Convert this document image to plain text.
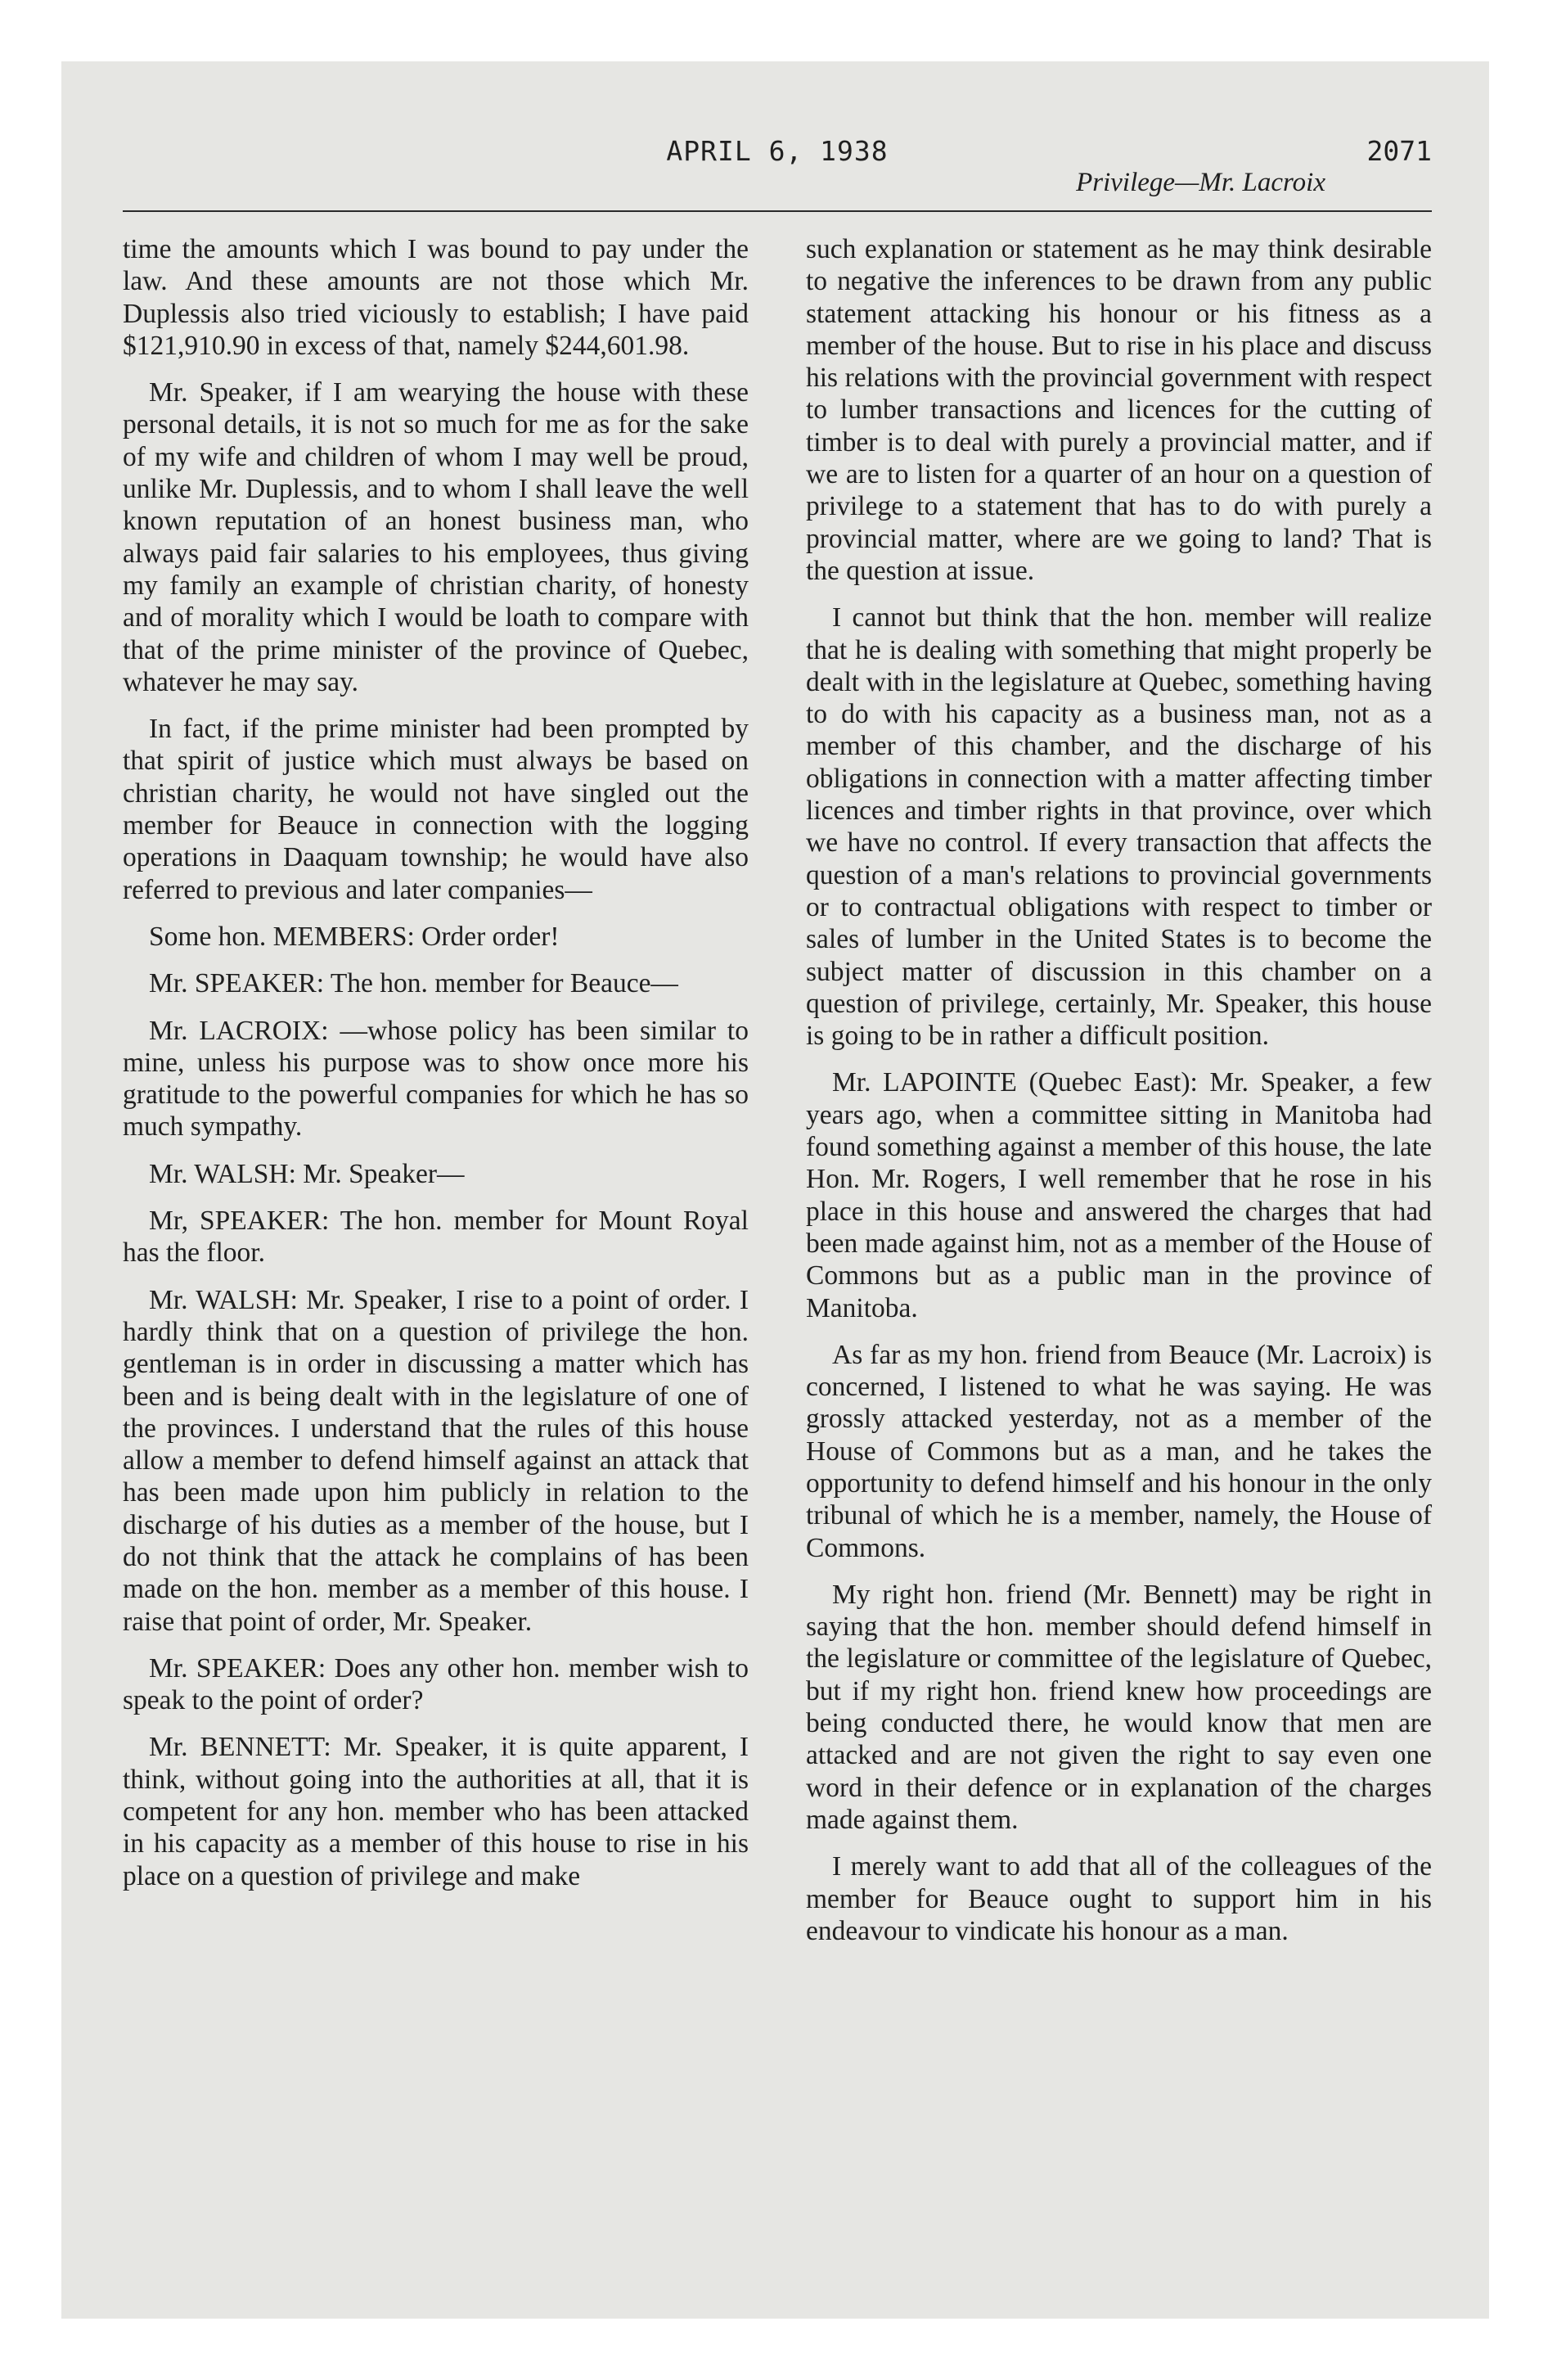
APRIL 6, 1938	2071
Privilege—Mr. Lacroix

time the amounts which I was bound to pay under the law. And these amounts are not those which Mr. Duplessis also tried viciously to establish; I have paid $121,910.90 in excess of that, namely $244,601.98.

Mr. Speaker, if I am wearying the house with these personal details, it is not so much for me as for the sake of my wife and children of whom I may well be proud, unlike Mr. Duplessis, and to whom I shall leave the well known reputation of an honest business man, who always paid fair salaries to his employees, thus giving my family an example of christian charity, of honesty and of morality which I would be loath to compare with that of the prime minister of the province of Quebec, whatever he may say.

In fact, if the prime minister had been prompted by that spirit of justice which must always be based on christian charity, he would not have singled out the member for Beauce in connection with the logging operations in Daaquam township; he would have also referred to previous and later companies—

Some hon. MEMBERS: Order order!

Mr. SPEAKER: The hon. member for Beauce—

Mr. LACROIX: —whose policy has been similar to mine, unless his purpose was to show once more his gratitude to the powerful companies for which he has so much sympathy.

Mr. WALSH: Mr. Speaker—

Mr, SPEAKER: The hon. member for Mount Royal has the floor.

Mr. WALSH: Mr. Speaker, I rise to a point of order. I hardly think that on a question of privilege the hon. gentleman is in order in discussing a matter which has been and is being dealt with in the legislature of one of the provinces. I understand that the rules of this house allow a member to defend himself against an attack that has been made upon him publicly in relation to the discharge of his duties as a member of the house, but I do not think that the attack he complains of has been made on the hon. member as a member of this house. I raise that point of order, Mr. Speaker.

Mr. SPEAKER: Does any other hon. member wish to speak to the point of order?

Mr. BENNETT: Mr. Speaker, it is quite apparent, I think, without going into the authorities at all, that it is competent for any hon. member who has been attacked in his capacity as a member of this house to rise in his place on a question of privilege and make

such explanation or statement as he may think desirable to negative the inferences to be drawn from any public statement attacking his honour or his fitness as a member of the house. But to rise in his place and discuss his relations with the provincial government with respect to lumber transactions and licences for the cutting of timber is to deal with purely a provincial matter, and if we are to listen for a quarter of an hour on a question of privilege to a statement that has to do with purely a provincial matter, where are we going to land? That is the question at issue.

I cannot but think that the hon. member will realize that he is dealing with something that might properly be dealt with in the legislature at Quebec, something having to do with his capacity as a business man, not as a member of this chamber, and the discharge of his obligations in connection with a matter affecting timber licences and timber rights in that province, over which we have no control. If every transaction that affects the question of a man's relations to provincial governments or to contractual obligations with respect to timber or sales of lumber in the United States is to become the subject matter of discussion in this chamber on a question of privilege, certainly, Mr. Speaker, this house is going to be in rather a difficult position.

Mr. LAPOINTE (Quebec East): Mr. Speaker, a few years ago, when a committee sitting in Manitoba had found something against a member of this house, the late Hon. Mr. Rogers, I well remember that he rose in his place in this house and answered the charges that had been made against him, not as a member of the House of Commons but as a public man in the province of Manitoba.

As far as my hon. friend from Beauce (Mr. Lacroix) is concerned, I listened to what he was saying. He was grossly attacked yesterday, not as a member of the House of Commons but as a man, and he takes the opportunity to defend himself and his honour in the only tribunal of which he is a member, namely, the House of Commons.

My right hon. friend (Mr. Bennett) may be right in saying that the hon. member should defend himself in the legislature or committee of the legislature of Quebec, but if my right hon. friend knew how proceedings are being conducted there, he would know that men are attacked and are not given the right to say even one word in their defence or in explanation of the charges made against them.

I merely want to add that all of the colleagues of the member for Beauce ought to support him in his endeavour to vindicate his honour as a man.
